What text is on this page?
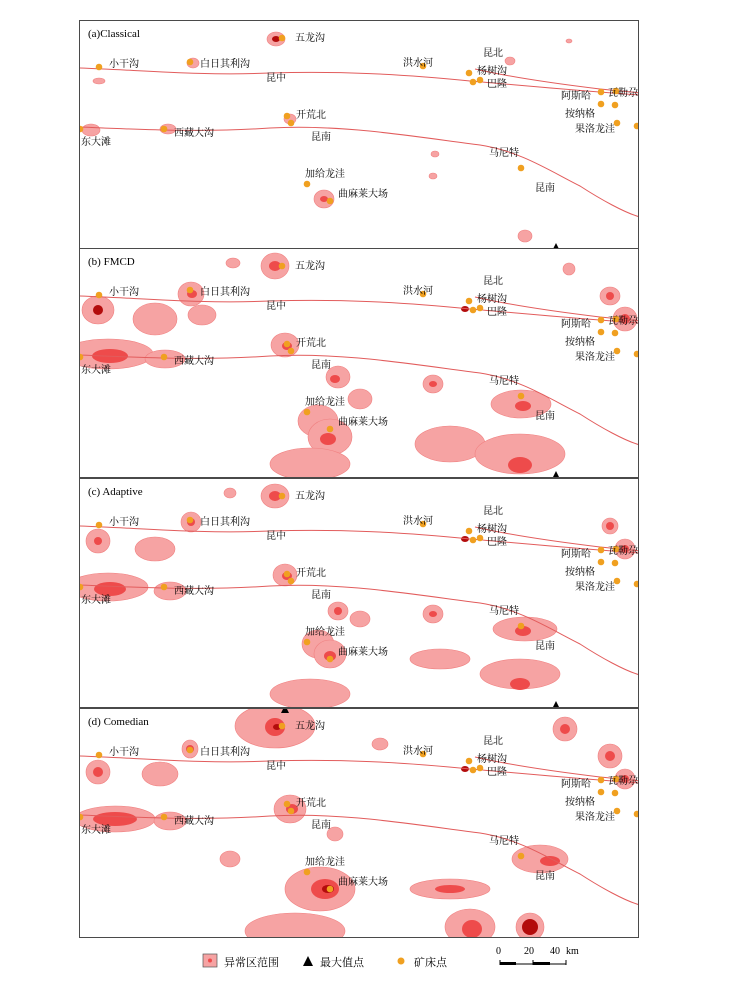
(a)Classical	五龙沟
小干沟	白日其利沟
昆中
洪水河
昆北
杨树沟
巴隆
阿斯哈 瓦勒尕
按纳格
果洛龙洼
开荒北
西藏大沟
东大滩	昆南
马尼特
加给龙洼
曲麻莱大场
昆南
(b) FMCD	五龙沟
小干沟	白日其利沟
昆中
洪水河
昆北
杨树沟
巴隆
阿斯哈 瓦勒尕
按纳格
果洛龙洼
开荒北
西藏大沟
东大滩	昆南
马尼特
加给龙洼
曲麻莱大场
昆南
(c) Adaptive	五龙沟
小干沟	白日其利沟
昆中
洪水河
昆北
杨树沟
巴隆
阿斯哈 瓦勒尕
按纳格
果洛龙洼
开荒北
西藏大沟
东大滩	昆南
马尼特
加给龙洼
曲麻莱大场
昆南
(d) Comedian	五龙沟
小干沟	白日其利沟
昆中
洪水河
昆北
杨树沟
巴隆
阿斯哈 瓦勒尕
按纳格
果洛龙洼
开荒北
西藏大沟
东大滩	昆南
马尼特
加给龙洼
曲麻莱大场
昆南
异常区范围	最大值点	矿床点
0 20 40 km
